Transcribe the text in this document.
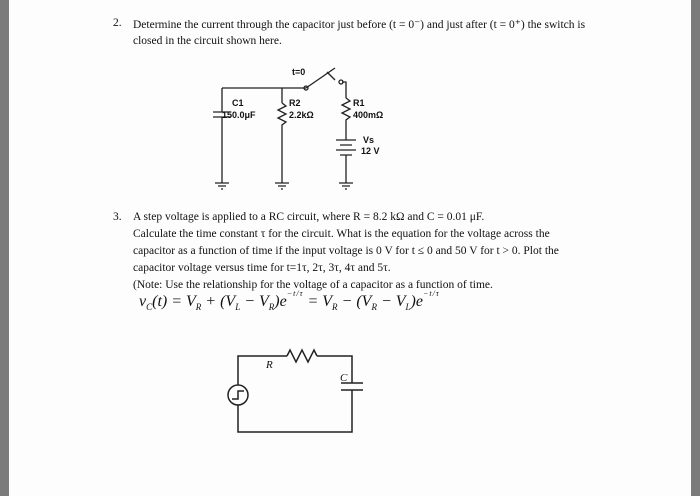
2. Determine the current through the capacitor just before (t = 0⁻) and just after (t = 0⁺) the switch is
closed in the circuit shown here.
t=0
C1
150.0μF
R2
2.2kΩ
R1
400mΩ
Vs
12 V
3. A step voltage is applied to a RC circuit, where R = 8.2 kΩ and C = 0.01 μF.
Calculate the time constant τ for the circuit. What is the equation for the voltage across the
capacitor as a function of time if the input voltage is 0 V for t ≤ 0 and 50 V for t > 0. Plot the
capacitor voltage versus time for t=1τ, 2τ, 3τ, 4τ and 5τ.
(Note: Use the relationship for the voltage of a capacitor as a function of time.
$v_C(t) = V_R + (V_L - V_R)e^{-t/\tau} = V_R - (V_R - V_L)e^{-t/\tau}$
R
C
